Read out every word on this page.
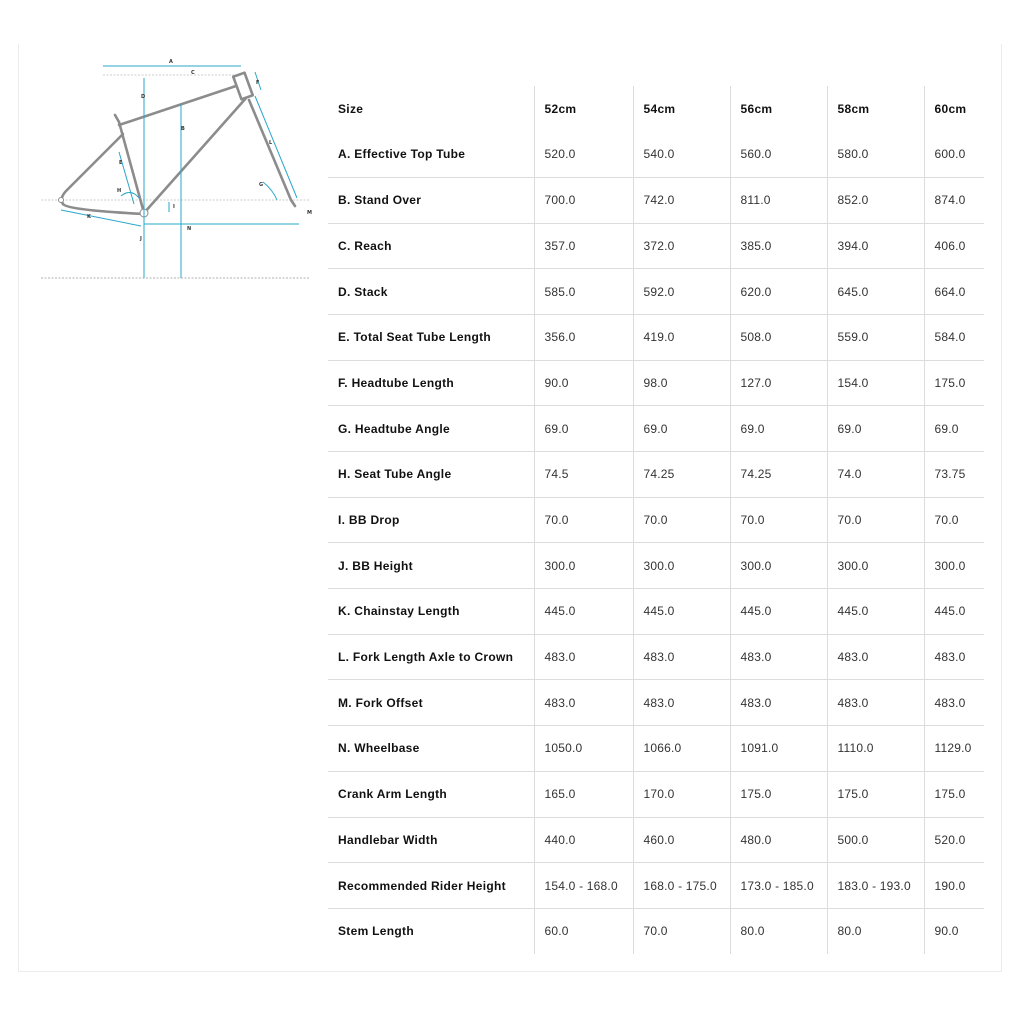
A
B
C
D
E
F
G
H
I
J
K
L
M
N
Size	52cm	54cm	56cm	58cm	60cm
A. Effective Top Tube	520.0	540.0	560.0	580.0	600.0
B. Stand Over	700.0	742.0	811.0	852.0	874.0
C. Reach	357.0	372.0	385.0	394.0	406.0
D. Stack	585.0	592.0	620.0	645.0	664.0
E. Total Seat Tube Length	356.0	419.0	508.0	559.0	584.0
F. Headtube Length	90.0	98.0	127.0	154.0	175.0
G. Headtube Angle	69.0	69.0	69.0	69.0	69.0
H. Seat Tube Angle	74.5	74.25	74.25	74.0	73.75
I. BB Drop	70.0	70.0	70.0	70.0	70.0
J. BB Height	300.0	300.0	300.0	300.0	300.0
K. Chainstay Length	445.0	445.0	445.0	445.0	445.0
L. Fork Length Axle to Crown	483.0	483.0	483.0	483.0	483.0
M. Fork Offset	483.0	483.0	483.0	483.0	483.0
N. Wheelbase	1050.0	1066.0	1091.0	1110.0	1129.0
Crank Arm Length	165.0	170.0	175.0	175.0	175.0
Handlebar Width	440.0	460.0	480.0	500.0	520.0
Recommended Rider Height	154.0 - 168.0	168.0 - 175.0	173.0 - 185.0	183.0 - 193.0	190.0
Stem Length	60.0	70.0	80.0	80.0	90.0
